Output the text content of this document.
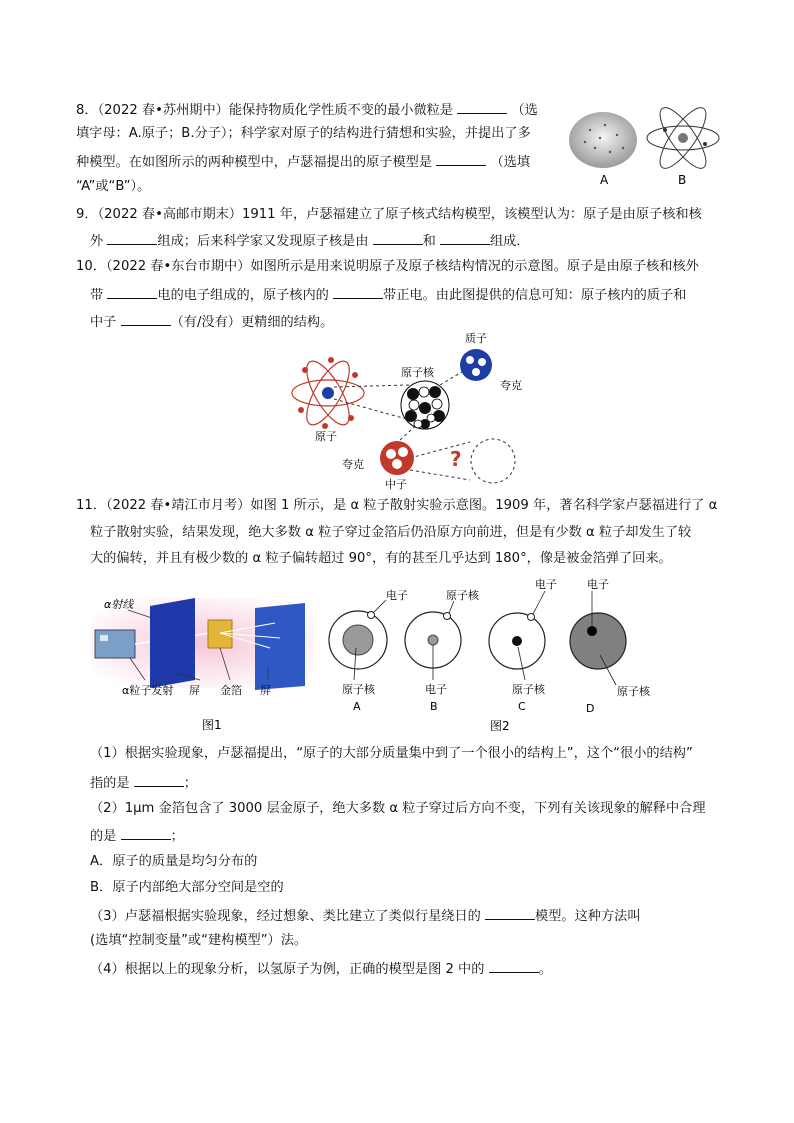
8．（2022 春•苏州期中）能保持物质化学性质不变的最小微粒是	（选
填字母：A.原子；B.分子）；科学家对原子的结构进行猜想和实验，并提出了多
种模型。在如图所示的两种模型中，卢瑟福提出的原子模型是	（选填
“A”或“B”）。	A	B
9．（2022 春•高邮市期末）1911 年，卢瑟福建立了原子核式结构模型，该模型认为：原子是由原子核和核
外	组成；后来科学家又发现原子核是由	和	组成．
10．（2022 春•东台市期中）如图所示是用来说明原子及原子核结构情况的示意图。原子是由原子核和核外
带	电的电子组成的，原子核内的	带正电。由此图提供的信息可知：原子核内的质子和
中子	（有/没有）更精细的结构。
?
质子
原子核
夸克
原子
夸克
中子
11．（2022 春•靖江市月考）如图 1 所示，是 α 粒子散射实验示意图。1909 年，著名科学家卢瑟福进行了 α
粒子散射实验，结果发现，绝大多数 α 粒子穿过金箔后仍沿原方向前进，但是有少数 α 粒子却发生了较
大的偏转，并且有极少数的 α 粒子偏转超过 90°，有的甚至几乎达到 180°，像是被金箔弹了回来。
α射线
α粒子发射 屏 金箔 屏
图1
电子
原子核
A
原子核
电子
B
电子
原子核
C
电子
原子核
D
图2
（1）根据实验现象，卢瑟福提出，“原子的大部分质量集中到了一个很小的结构上”，这个“很小的结构”
指的是	；
（2）1μm 金箔包含了 3000 层金原子，绝大多数 α 粒子穿过后方向不变，下列有关该现象的解释中合理
的是	；
A．原子的质量是均匀分布的
B．原子内部绝大部分空间是空的
（3）卢瑟福根据实验现象，经过想象、类比建立了类似行星绕日的	模型。这种方法叫
(选填“控制变量”或“建构模型”）法。
（4）根据以上的现象分析，以氢原子为例，正确的模型是图 2 中的	。
